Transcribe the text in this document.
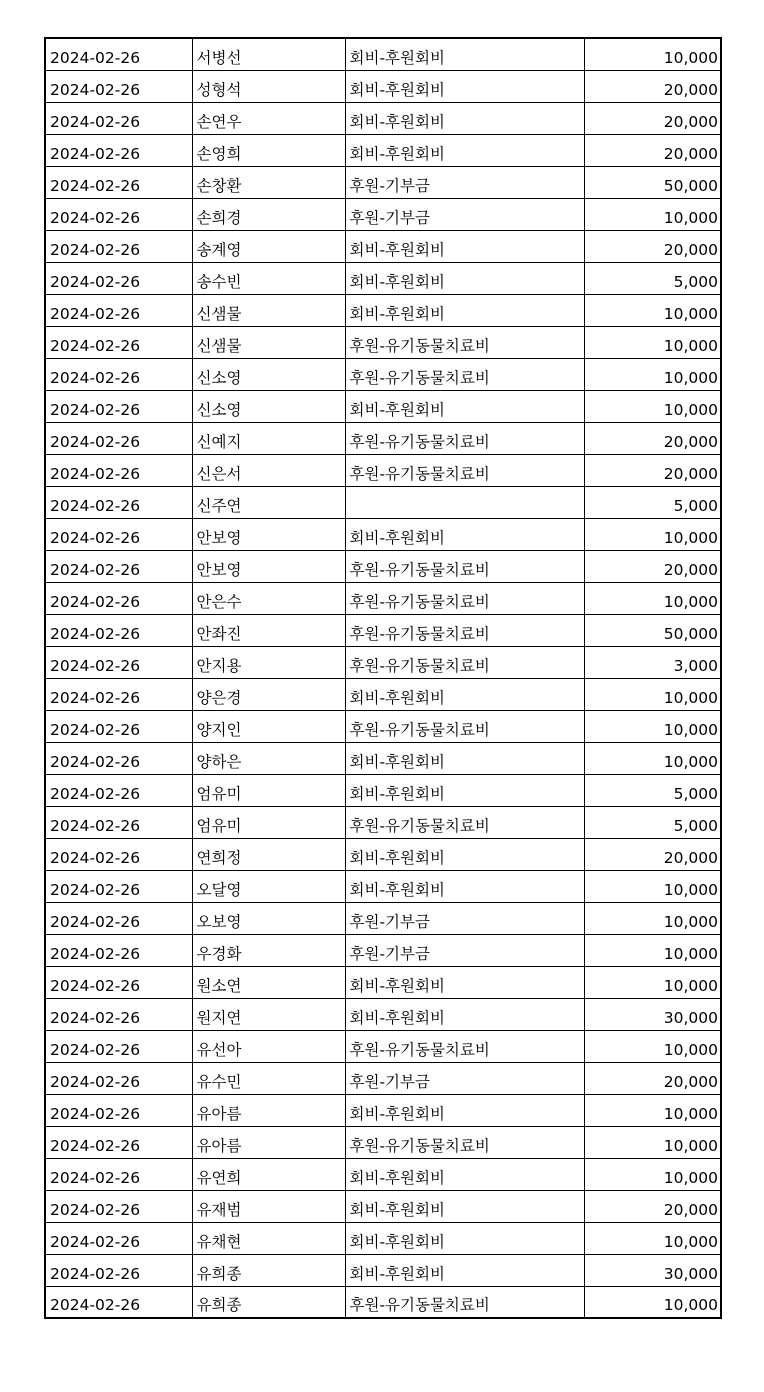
2024-02-26	서병선	회비-후원회비	10,000
2024-02-26	성형석	회비-후원회비	20,000
2024-02-26	손연우	회비-후원회비	20,000
2024-02-26	손영희	회비-후원회비	20,000
2024-02-26	손창환	후원-기부금	50,000
2024-02-26	손희경	후원-기부금	10,000
2024-02-26	송계영	회비-후원회비	20,000
2024-02-26	송수빈	회비-후원회비	5,000
2024-02-26	신샘물	회비-후원회비	10,000
2024-02-26	신샘물	후원-유기동물치료비	10,000
2024-02-26	신소영	후원-유기동물치료비	10,000
2024-02-26	신소영	회비-후원회비	10,000
2024-02-26	신예지	후원-유기동물치료비	20,000
2024-02-26	신은서	후원-유기동물치료비	20,000
2024-02-26	신주연		5,000
2024-02-26	안보영	회비-후원회비	10,000
2024-02-26	안보영	후원-유기동물치료비	20,000
2024-02-26	안은수	후원-유기동물치료비	10,000
2024-02-26	안좌진	후원-유기동물치료비	50,000
2024-02-26	안지용	후원-유기동물치료비	3,000
2024-02-26	양은경	회비-후원회비	10,000
2024-02-26	양지인	후원-유기동물치료비	10,000
2024-02-26	양하은	회비-후원회비	10,000
2024-02-26	엄유미	회비-후원회비	5,000
2024-02-26	엄유미	후원-유기동물치료비	5,000
2024-02-26	연희정	회비-후원회비	20,000
2024-02-26	오달영	회비-후원회비	10,000
2024-02-26	오보영	후원-기부금	10,000
2024-02-26	우경화	후원-기부금	10,000
2024-02-26	원소연	회비-후원회비	10,000
2024-02-26	원지연	회비-후원회비	30,000
2024-02-26	유선아	후원-유기동물치료비	10,000
2024-02-26	유수민	후원-기부금	20,000
2024-02-26	유아름	회비-후원회비	10,000
2024-02-26	유아름	후원-유기동물치료비	10,000
2024-02-26	유연희	회비-후원회비	10,000
2024-02-26	유재범	회비-후원회비	20,000
2024-02-26	유채현	회비-후원회비	10,000
2024-02-26	유희종	회비-후원회비	30,000
2024-02-26	유희종	후원-유기동물치료비	10,000
